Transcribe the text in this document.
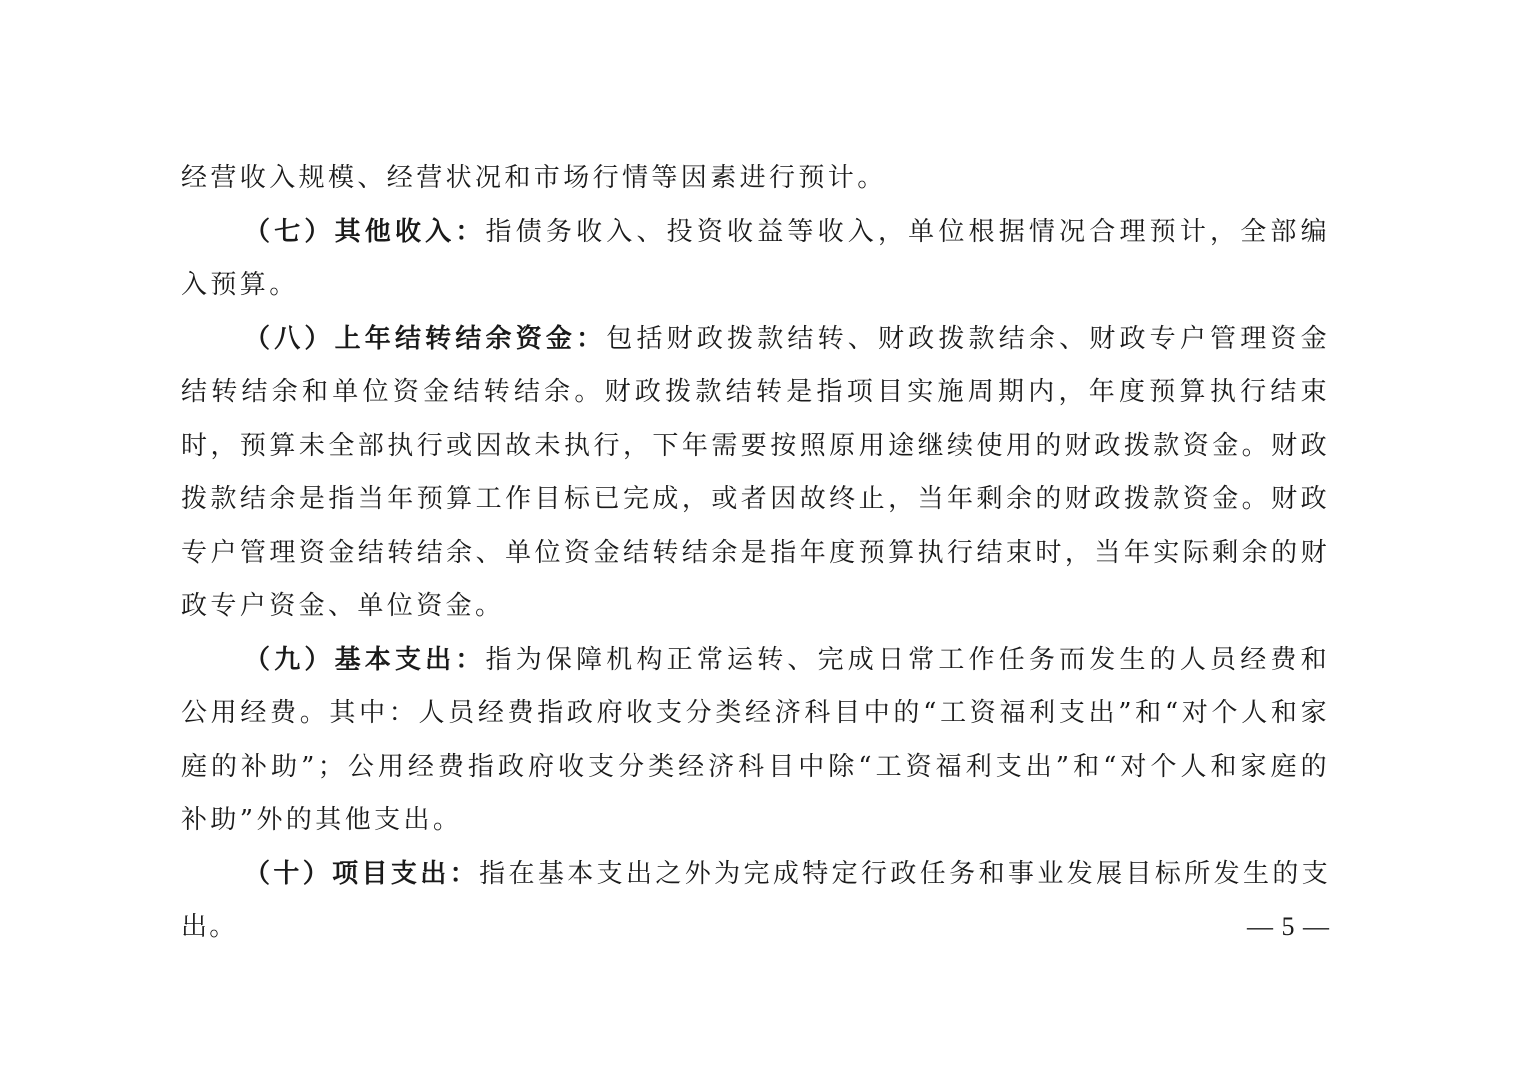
经营收入规模、经营状况和市场行情等因素进行预计。

（七）其他收入：指债务收入、投资收益等收入，单位根据情况合理预计，全部编入预算。

（八）上年结转结余资金：包括财政拨款结转、财政拨款结余、财政专户管理资金结转结余和单位资金结转结余。财政拨款结转是指项目实施周期内，年度预算执行结束时，预算未全部执行或因故未执行，下年需要按照原用途继续使用的财政拨款资金。财政拨款结余是指当年预算工作目标已完成，或者因故终止，当年剩余的财政拨款资金。财政专户管理资金结转结余、单位资金结转结余是指年度预算执行结束时，当年实际剩余的财政专户资金、单位资金。

（九）基本支出：指为保障机构正常运转、完成日常工作任务而发生的人员经费和公用经费。其中：人员经费指政府收支分类经济科目中的“工资福利支出”和“对个人和家庭的补助”；公用经费指政府收支分类经济科目中除“工资福利支出”和“对个人和家庭的补助”外的其他支出。

（十）项目支出：指在基本支出之外为完成特定行政任务和事业发展目标所发生的支出。	— 5 —
